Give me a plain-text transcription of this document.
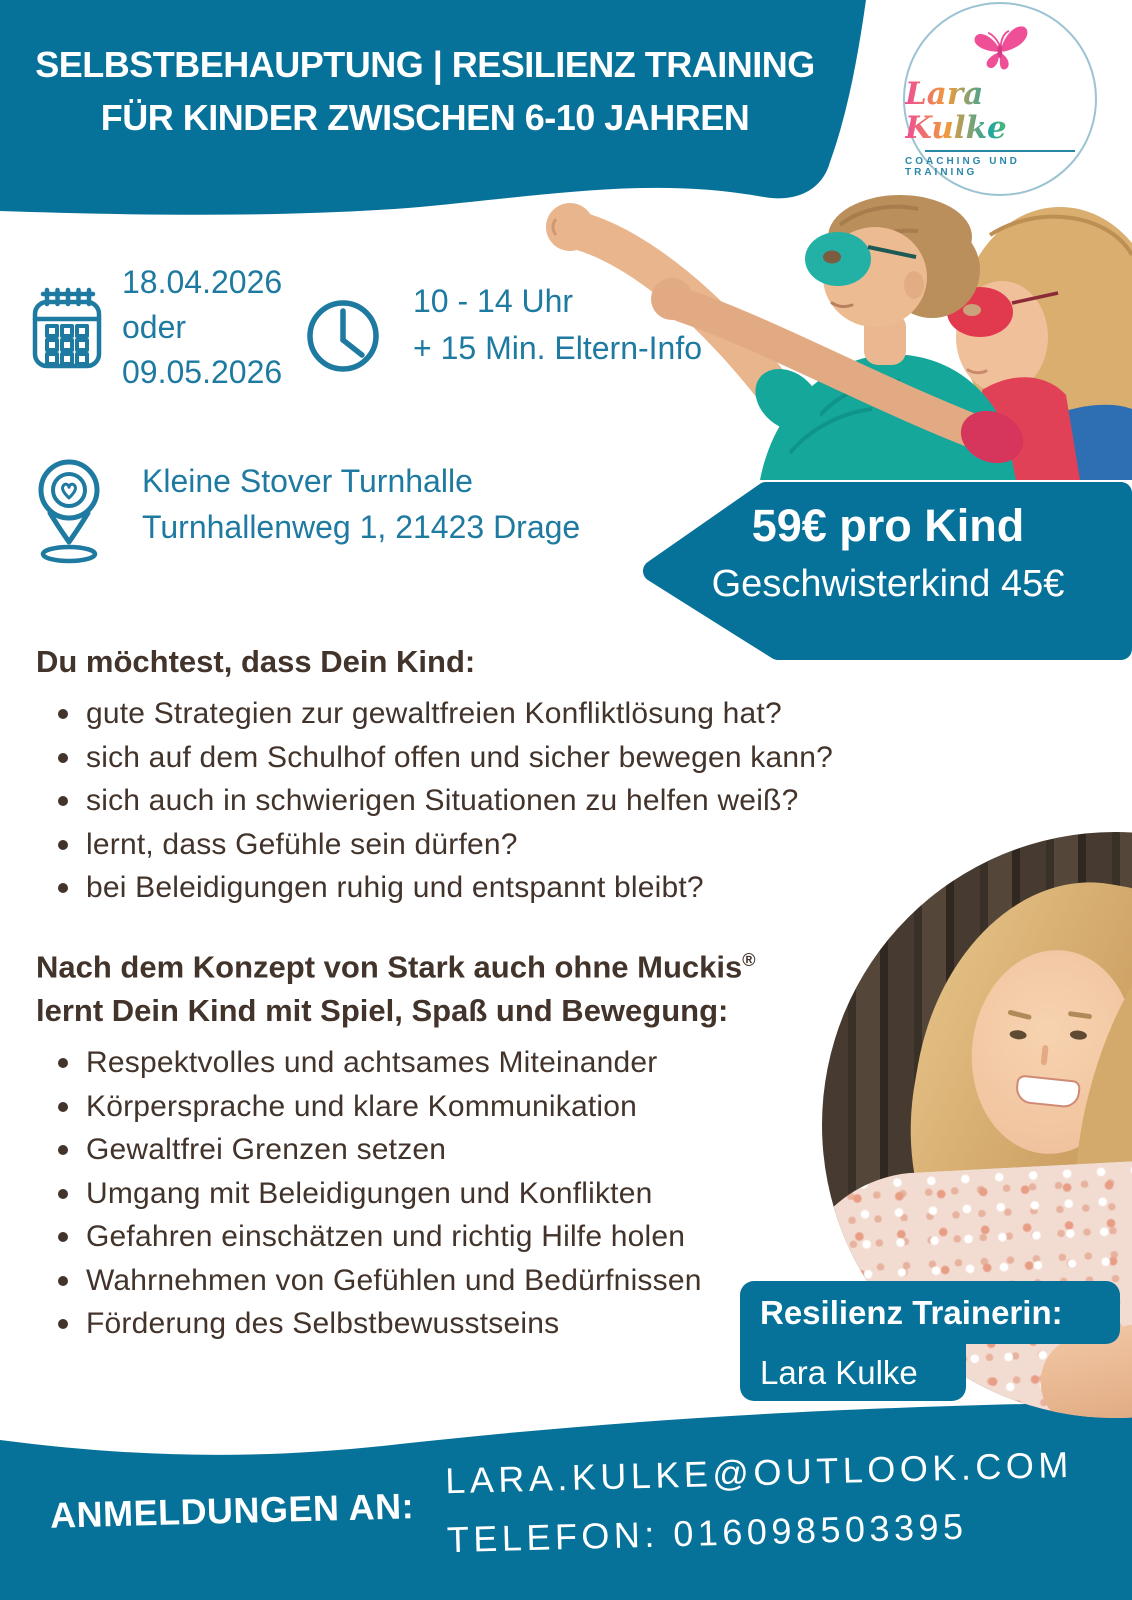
SELBSTBEHAUPTUNG | RESILIENZ TRAINING
FÜR KINDER ZWISCHEN 6-10 JAHREN
Lara Kulke
COACHING UND TRAINING
18.04.2026
oder
09.05.2026
10 - 14 Uhr
+ 15 Min. Eltern-Info
Kleine Stover Turnhalle
Turnhallenweg 1, 21423 Drage
Du möchtest, dass Dein Kind:
gute Strategien zur gewaltfreien Konfliktlösung hat?
sich auf dem Schulhof offen und sicher bewegen kann?
sich auch in schwierigen Situationen zu helfen weiß?
lernt, dass Gefühle sein dürfen?
bei Beleidigungen ruhig und entspannt bleibt?
Nach dem Konzept von Stark auch ohne Muckis®
lernt Dein Kind mit Spiel, Spaß und Bewegung:
Respektvolles und achtsames Miteinander
Körpersprache und klare Kommunikation
Gewaltfrei Grenzen setzen
Umgang mit Beleidigungen und Konflikten
Gefahren einschätzen und richtig Hilfe holen
Wahrnehmen von Gefühlen und Bedürfnissen
Förderung des Selbstbewusstseins
59€ pro Kind
Geschwisterkind 45€
Resilienz Trainerin:
Lara Kulke
ANMELDUNGEN AN:
LARA.KULKE@OUTLOOK.COM
TELEFON: 016098503395
